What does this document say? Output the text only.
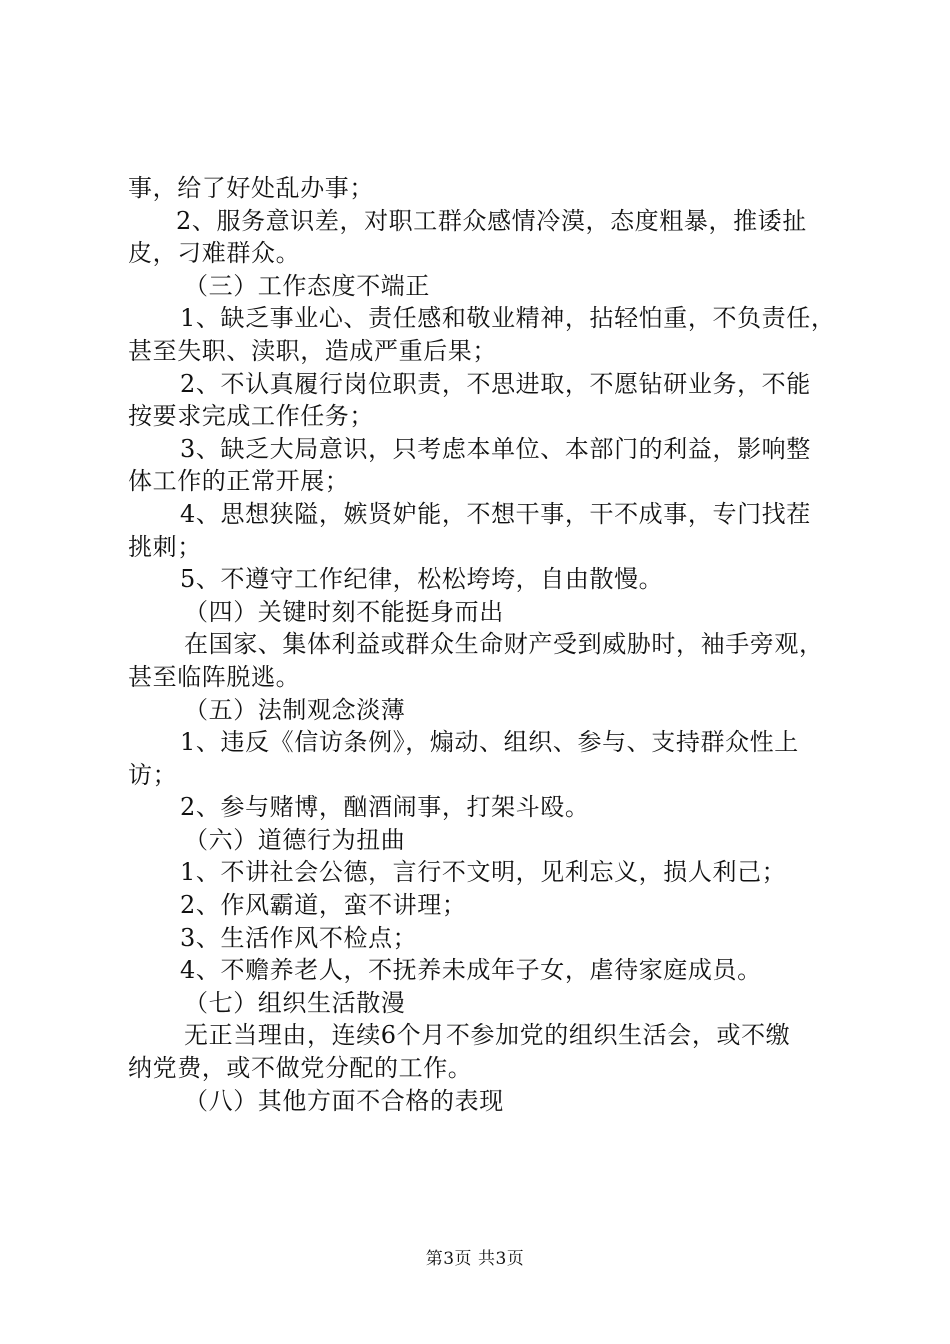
事，给了好处乱办事；
2、服务意识差，对职工群众感情冷漠，态度粗暴，推诿扯
皮，刁难群众。
（三）工作态度不端正
1、缺乏事业心、责任感和敬业精神，拈轻怕重，不负责任，
甚至失职、渎职，造成严重后果；
2、不认真履行岗位职责，不思进取，不愿钻研业务，不能
按要求完成工作任务；
3、缺乏大局意识，只考虑本单位、本部门的利益，影响整
体工作的正常开展；
4、思想狭隘，嫉贤妒能，不想干事，干不成事，专门找茬
挑刺；
5、不遵守工作纪律，松松垮垮，自由散慢。
（四）关键时刻不能挺身而出
在国家、集体利益或群众生命财产受到威胁时，袖手旁观，
甚至临阵脱逃。
（五）法制观念淡薄
1、违反《信访条例》，煽动、组织、参与、支持群众性上
访；
2、参与赌博，酗酒闹事，打架斗殴。
（六）道德行为扭曲
1、不讲社会公德，言行不文明，见利忘义，损人利己；
2、作风霸道，蛮不讲理；
3、生活作风不检点；
4、不赡养老人，不抚养未成年子女，虐待家庭成员。
（七）组织生活散漫
无正当理由，连续6个月不参加党的组织生活会，或不缴
纳党费，或不做党分配的工作。
（八）其他方面不合格的表现
第3页 共3页
